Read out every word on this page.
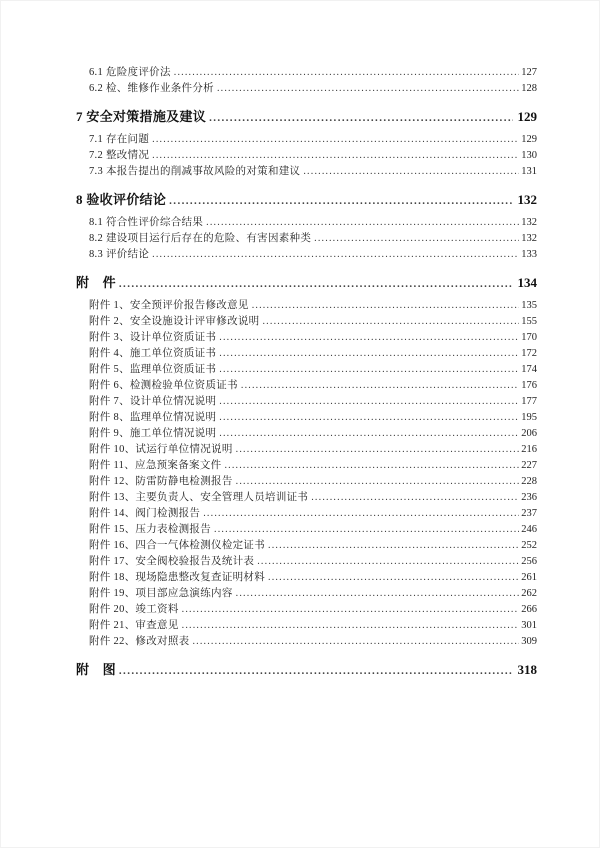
6.1 危险度评价法 .....	127
6.2 检、维修作业条件分析 .....	128
7 安全对策措施及建议 .....	129
7.1 存在问题 .....	129
7.2 整改情况 .....	130
7.3 本报告提出的削减事故风险的对策和建议 .....	131
8 验收评价结论 .....	132
8.1 符合性评价综合结果 .....	132
8.2 建设项目运行后存在的危险、有害因素种类 .....	132
8.3 评价结论 .....	133
附　件 .....	134
附件 1、安全预评价报告修改意见 .....	135
附件 2、安全设施设计评审修改说明 .....	155
附件 3、设计单位资质证书 .....	170
附件 4、施工单位资质证书 .....	172
附件 5、监理单位资质证书 .....	174
附件 6、检测检验单位资质证书 .....	176
附件 7、设计单位情况说明 .....	177
附件 8、监理单位情况说明 .....	195
附件 9、施工单位情况说明 .....	206
附件 10、试运行单位情况说明 .....	216
附件 11、应急预案备案文件 .....	227
附件 12、防雷防静电检测报告 .....	228
附件 13、主要负责人、安全管理人员培训证书 .....	236
附件 14、阀门检测报告 .....	237
附件 15、压力表检测报告 .....	246
附件 16、四合一气体检测仪检定证书 .....	252
附件 17、安全阀校验报告及统计表 .....	256
附件 18、现场隐患整改复查证明材料 .....	261
附件 19、项目部应急演练内容 .....	262
附件 20、竣工资料 .....	266
附件 21、审查意见 .....	301
附件 22、修改对照表 .....	309
附　图 .....	318
